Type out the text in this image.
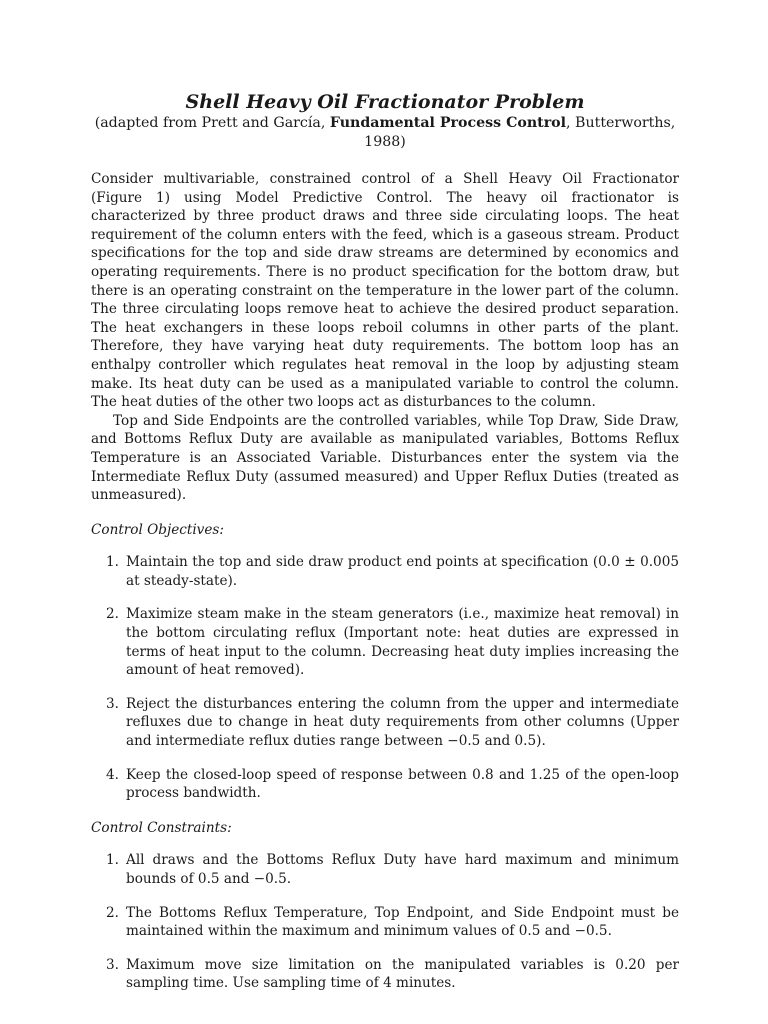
Shell Heavy Oil Fractionator Problem
(adapted from Prett and García, Fundamental Process Control, Butterworths, 1988)

Consider multivariable, constrained control of a Shell Heavy Oil Fractionator (Figure 1) using Model Predictive Control. The heavy oil fractionator is characterized by three product draws and three side circulating loops. The heat requirement of the column enters with the feed, which is a gaseous stream. Product specifications for the top and side draw streams are determined by economics and operating requirements. There is no product specification for the bottom draw, but there is an operating constraint on the temperature in the lower part of the column. The three circulating loops remove heat to achieve the desired product separation. The heat exchangers in these loops reboil columns in other parts of the plant. Therefore, they have varying heat duty requirements. The bottom loop has an enthalpy controller which regulates heat removal in the loop by adjusting steam make. Its heat duty can be used as a manipulated variable to control the column. The heat duties of the other two loops act as disturbances to the column.

Top and Side Endpoints are the controlled variables, while Top Draw, Side Draw, and Bottoms Reflux Duty are available as manipulated variables, Bottoms Reflux Temperature is an Associated Variable. Disturbances enter the system via the Intermediate Reflux Duty (assumed measured) and Upper Reflux Duties (treated as unmeasured).

Control Objectives:
1. Maintain the top and side draw product end points at specification (0.0 ± 0.005 at steady-state).
2. Maximize steam make in the steam generators (i.e., maximize heat removal) in the bottom circulating reflux (Important note: heat duties are expressed in terms of heat input to the column. Decreasing heat duty implies increasing the amount of heat removed).
3. Reject the disturbances entering the column from the upper and intermediate refluxes due to change in heat duty requirements from other columns (Upper and intermediate reflux duties range between −0.5 and 0.5).
4. Keep the closed-loop speed of response between 0.8 and 1.25 of the open-loop process bandwidth.
Control Constraints:
1. All draws and the Bottoms Reflux Duty have hard maximum and minimum bounds of 0.5 and −0.5.
2. The Bottoms Reflux Temperature, Top Endpoint, and Side Endpoint must be maintained within the maximum and minimum values of 0.5 and −0.5.
3. Maximum move size limitation on the manipulated variables is 0.20 per sampling time. Use sampling time of 4 minutes.
